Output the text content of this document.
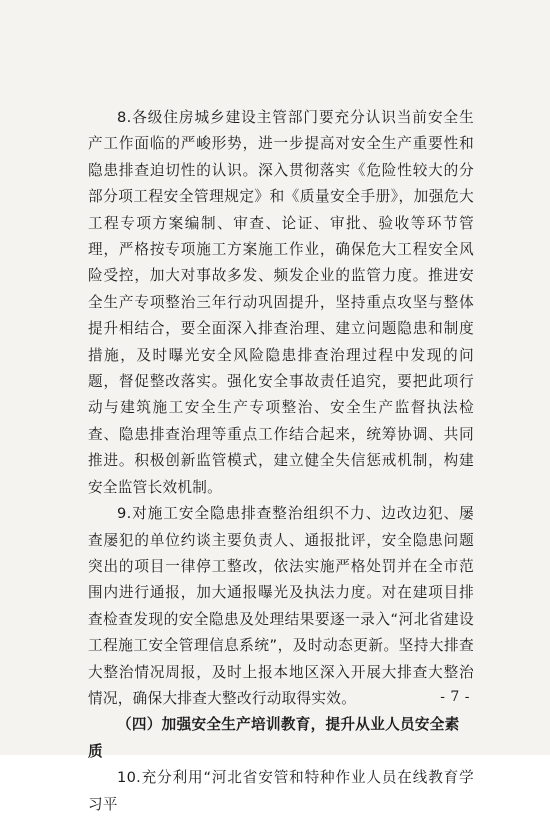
8.各级住房城乡建设主管部门要充分认识当前安全生产工作面临的严峻形势，进一步提高对安全生产重要性和隐患排查迫切性的认识。深入贯彻落实《危险性较大的分部分项工程安全管理规定》和《质量安全手册》，加强危大工程专项方案编制、审查、论证、审批、验收等环节管理，严格按专项施工方案施工作业，确保危大工程安全风险受控，加大对事故多发、频发企业的监管力度。推进安全生产专项整治三年行动巩固提升，坚持重点攻坚与整体提升相结合，要全面深入排查治理、建立问题隐患和制度措施，及时曝光安全风险隐患排查治理过程中发现的问题，督促整改落实。强化安全事故责任追究，要把此项行动与建筑施工安全生产专项整治、安全生产监督执法检查、隐患排查治理等重点工作结合起来，统筹协调、共同推进。积极创新监管模式，建立健全失信惩戒机制，构建安全监管长效机制。

9.对施工安全隐患排查整治组织不力、边改边犯、屡查屡犯的单位约谈主要负责人、通报批评，安全隐患问题突出的项目一律停工整改，依法实施严格处罚并在全市范围内进行通报，加大通报曝光及执法力度。对在建项目排查检查发现的安全隐患及处理结果要逐一录入“河北省建设工程施工安全管理信息系统”，及时动态更新。坚持大排查大整治情况周报，及时上报本地区深入开展大排查大整治情况，确保大排查大整改行动取得实效。

（四）加强安全生产培训教育，提升从业人员安全素质

10.充分利用“河北省安管和特种作业人员在线教育学习平

- 7 -
